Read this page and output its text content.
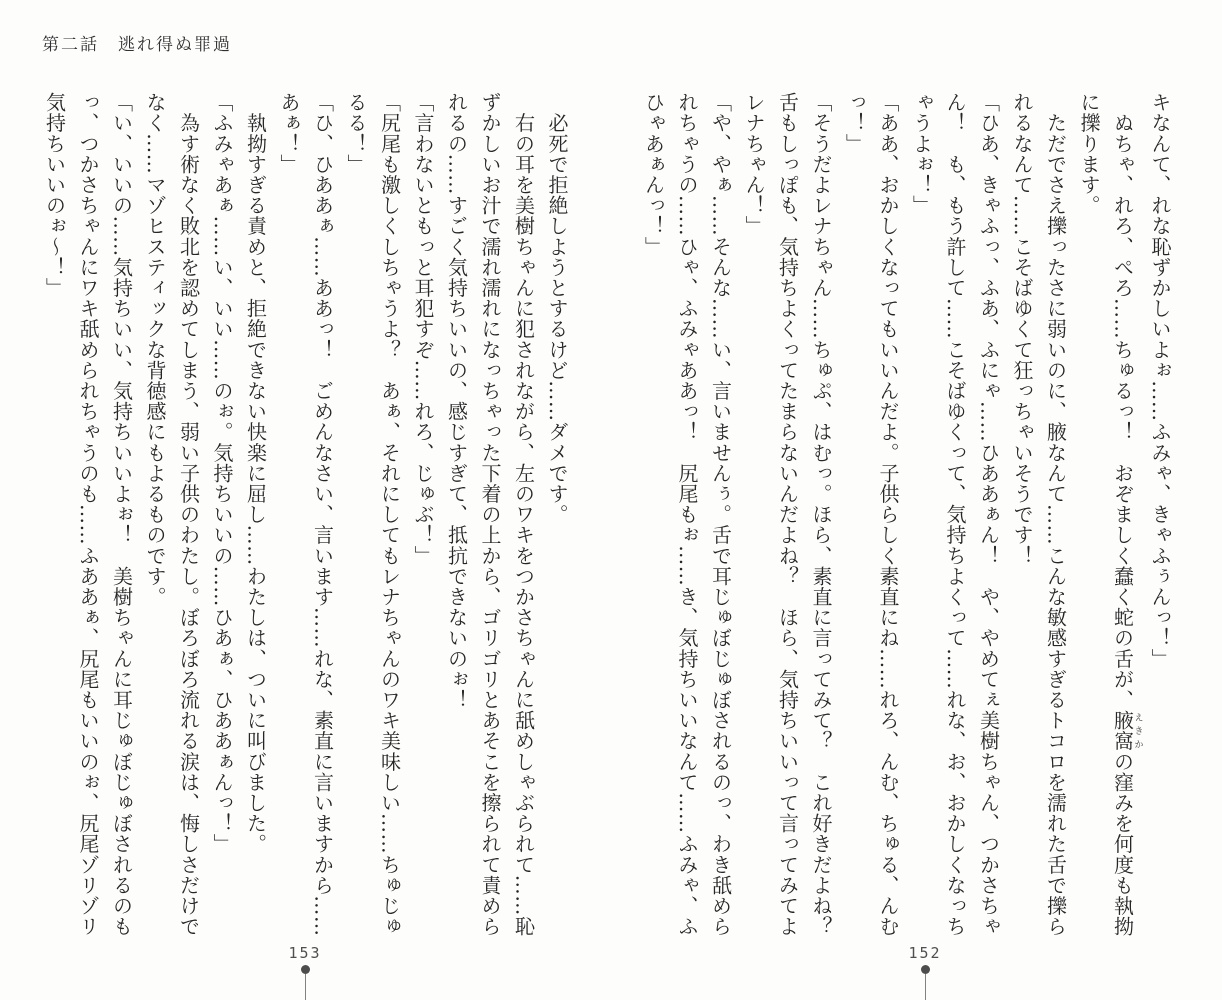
第二話　逃れ得ぬ罪過

キなんて、れな恥ずかしいよぉ……ふみゃ、きゃふぅんっ！」

　ぬちゃ、れろ、ぺろ……ちゅるっ！　おぞましく蠢く蛇の舌が、腋窩えきかの窪みを何度も執拗に擽ります。

　ただでさえ擽ったさに弱いのに、腋なんて……こんな敏感すぎるトコロを濡れた舌で擽られるなんて……こそばゆくて狂っちゃいそうです！

「ひあ、きゃふっ、ふあ、ふにゃ……ひああぁん！　や、やめてぇ美樹ちゃん、つかさちゃん！　も、もう許して……こそばゆくって、気持ちよくって……れな、お、おかしくなっちゃうよぉ！」

「ああ、おかしくなってもいいんだよ。子供らしく素直にね……れろ、んむ、ちゅる、んむっ！」

「そうだよレナちゃん……ちゅぷ、はむっ。ほら、素直に言ってみて？　これ好きだよね？　舌もしっぽも、気持ちよくってたまらないんだよね？　ほら、気持ちいいって言ってみてよレナちゃん！」

「や、やぁ……そんな……い、言いませんぅ。舌で耳じゅぼじゅぼされるのっ、わき舐められちゃうの……ひゃ、ふみゃああっ！　尻尾もぉ……き、気持ちいいなんて……ふみゃ、ふひゃあぁんっ！」

　必死で拒絶しようとするけど……ダメです。

　右の耳を美樹ちゃんに犯されながら、左のワキをつかさちゃんに舐めしゃぶられて……恥ずかしいお汁で濡れ濡れになっちゃった下着の上から、ゴリゴリとあそこを擦られて責められるの……すごく気持ちいいの、感じすぎて、抵抗できないのぉ！

「言わないともっと耳犯すぞ……れろ、じゅぶ！」

「尻尾も激しくしちゃうよ？　あぁ、それにしてもレナちゃんのワキ美味しい……ちゅじゅるる！」

「ひ、ひああぁ……ああっ！　ごめんなさい、言います……れな、素直に言いますから……あぁ！」

　執拗すぎる責めと、拒絶できない快楽に屈し……わたしは、ついに叫びました。

「ふみゃあぁ……い、いい……のぉ。気持ちいいの……ひあぁ、ひああぁんっ！」

　為す術なく敗北を認めてしまう、弱い子供のわたし。ぼろぼろ流れる涙は、悔しさだけでなく……マゾヒスティックな背徳感にもよるものです。

「い、いいの……気持ちいい、気持ちいいよぉ！　美樹ちゃんに耳じゅぼじゅぼされるのもっ、つかさちゃんにワキ舐められちゃうのも……ふああぁ、尻尾もいいのぉ、尻尾ゾリゾリ気持ちいいのぉ～！」

153	152
